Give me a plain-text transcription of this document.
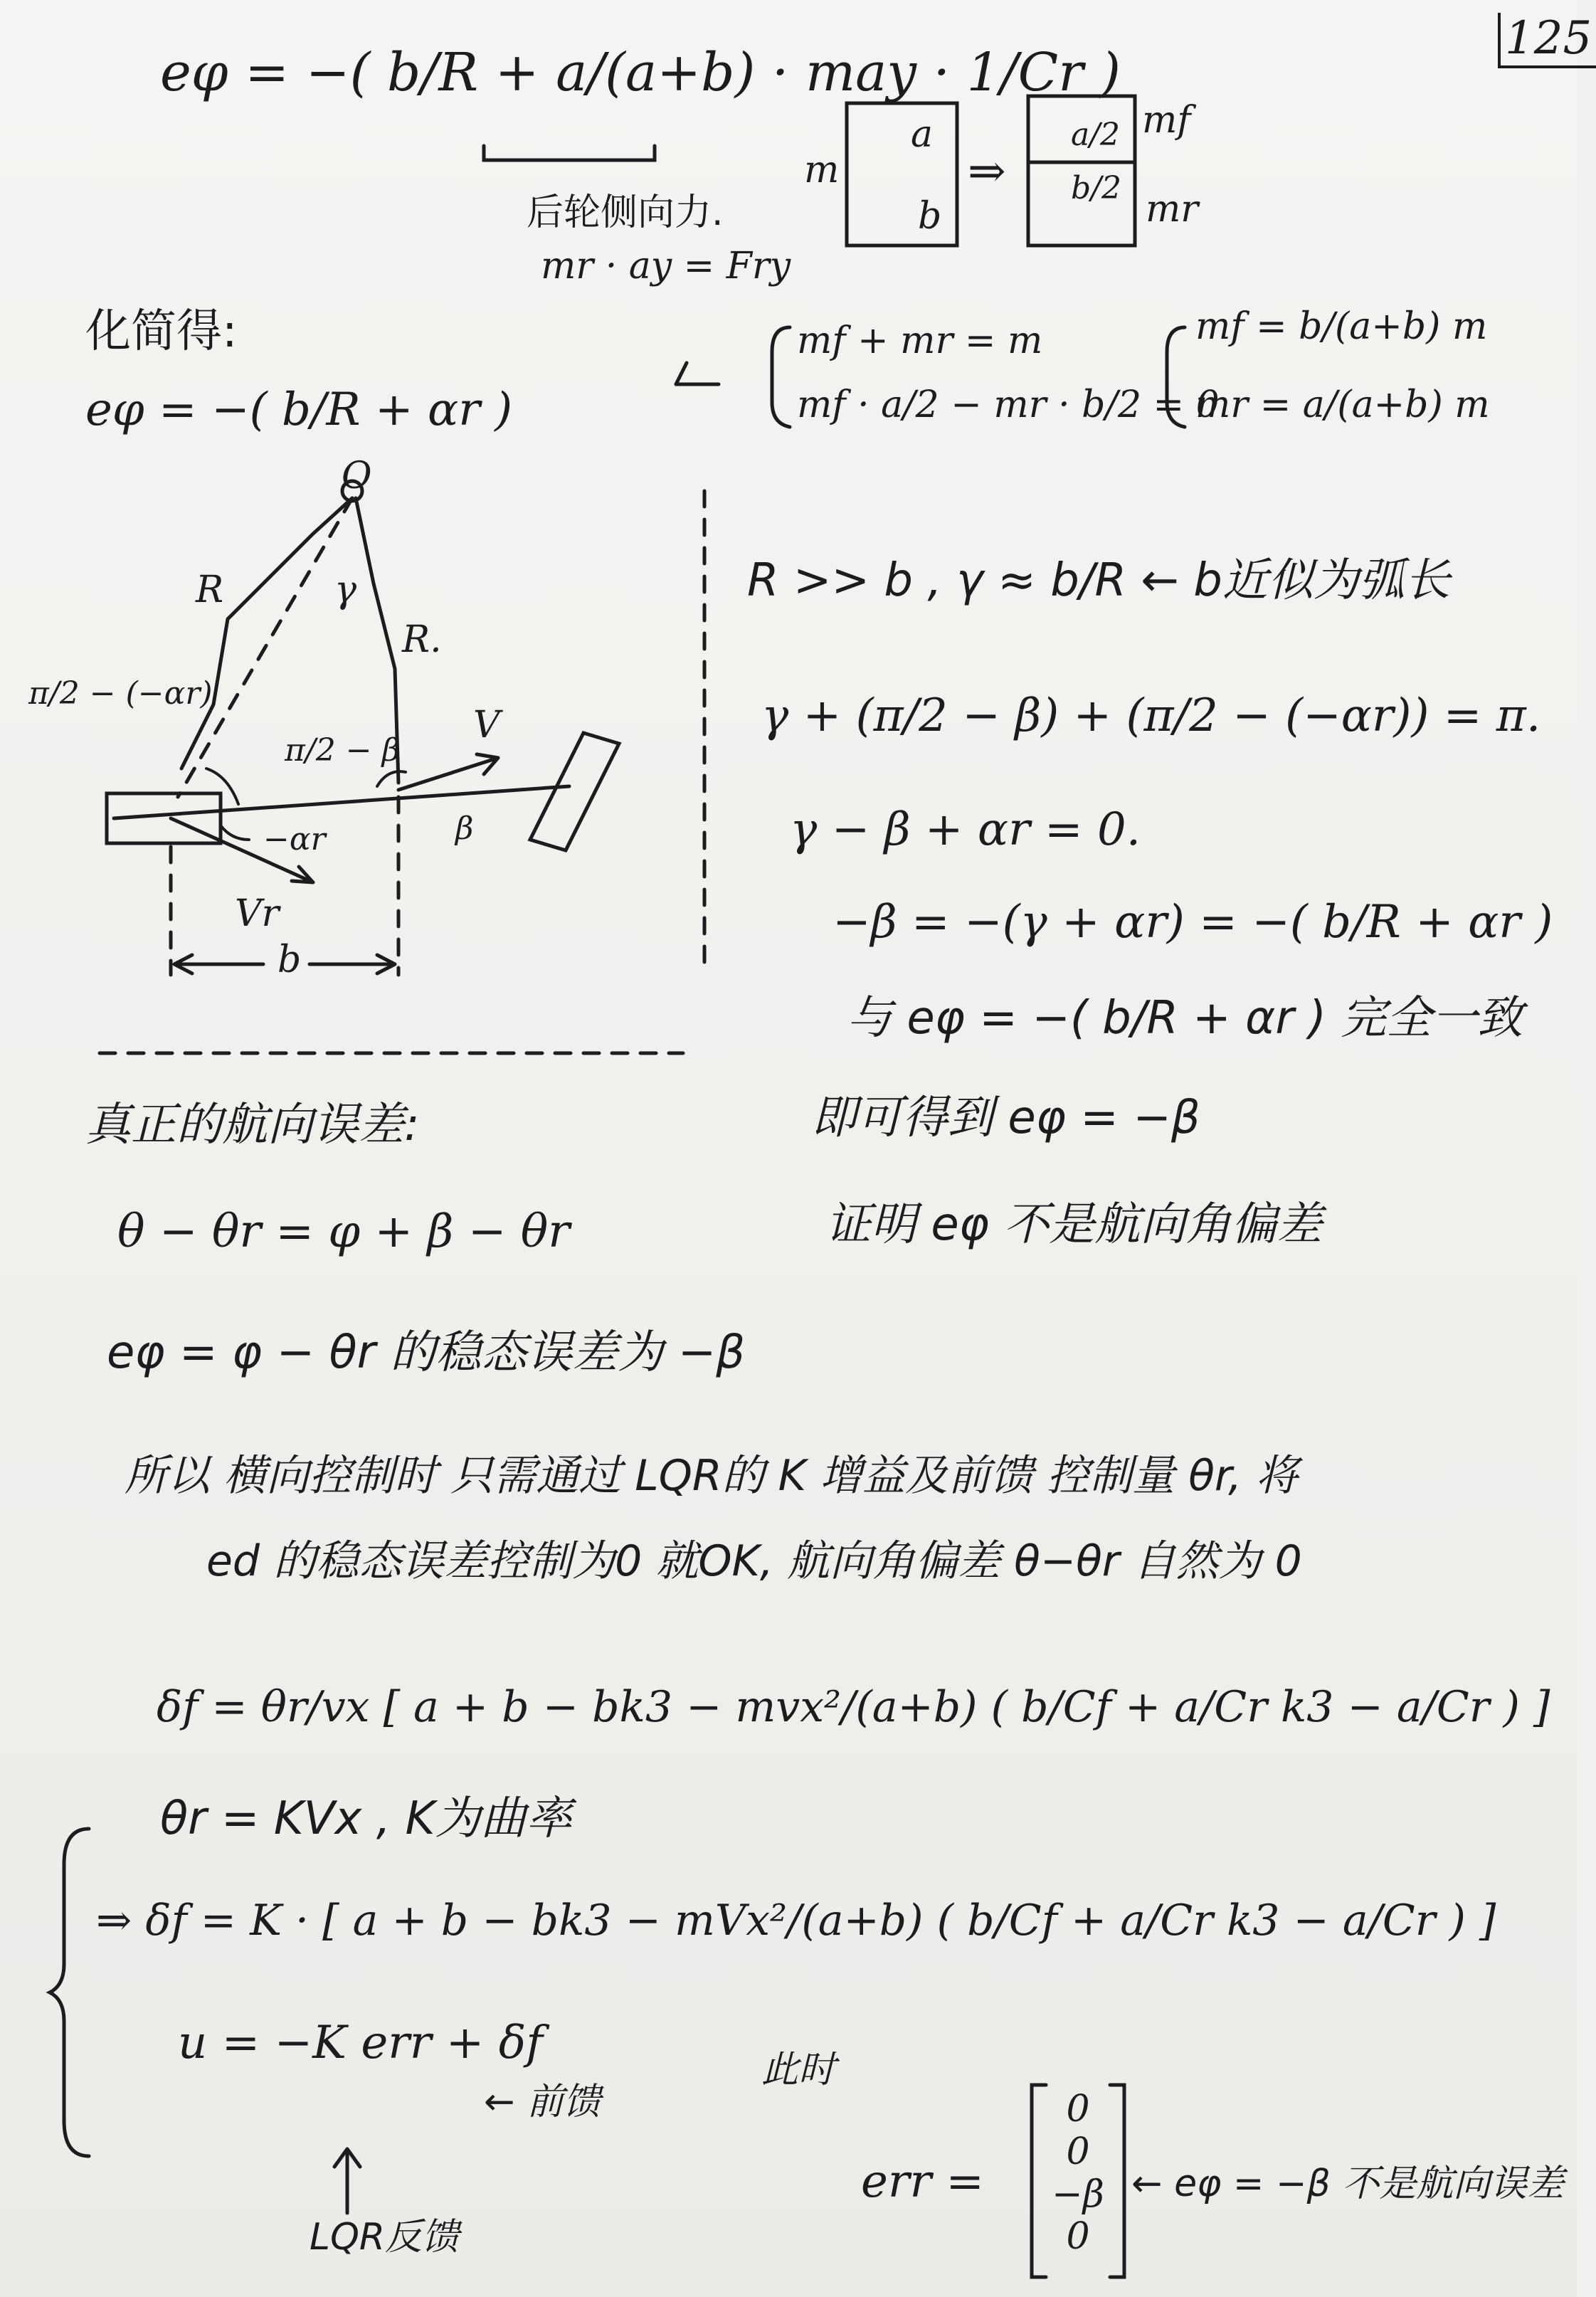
125
eφ = −( b/R + a/(a+b) · may · 1/Cr )
后轮侧向力.
mr · ay = Fry
m
a
b
⇒
a/2
b/2
mf
mr
mf + mr = m
mf · a/2 − mr · b/2 = 0
mf = b/(a+b) m
mr = a/(a+b) m
化简得:
eφ = −( b/R + αr )
O
R
R.
γ
π/2 − (−αr)
π/2 − β
V
β
−αr
Vr
b
R >> b , γ ≈ b/R ← b近似为弧长
γ + (π/2 − β) + (π/2 − (−αr)) = π.
γ − β + αr = 0.
−β = −(γ + αr) = −( b/R + αr )
与 eφ = −( b/R + αr ) 完全一致
即可得到 eφ = −β
证明 eφ 不是航向角偏差
真正的航向误差:
θ − θr = φ + β − θr
eφ = φ − θr 的稳态误差为 −β
所以 横向控制时 只需通过 LQR的 K 增益及前馈 控制量 θr, 将
ed 的稳态误差控制为0 就OK, 航向角偏差 θ−θr 自然为 0
δf = θr/vx [ a + b − bk3 − mvx²/(a+b) ( b/Cf + a/Cr k3 − a/Cr ) ]
θr = KVx , K为曲率
⇒ δf = K · [ a + b − bk3 − mVx²/(a+b) ( b/Cf + a/Cr k3 − a/Cr ) ]
u = −K err + δf
LQR反馈
← 前馈
此时
err =
0
0
−β
0
← eφ = −β 不是航向误差
